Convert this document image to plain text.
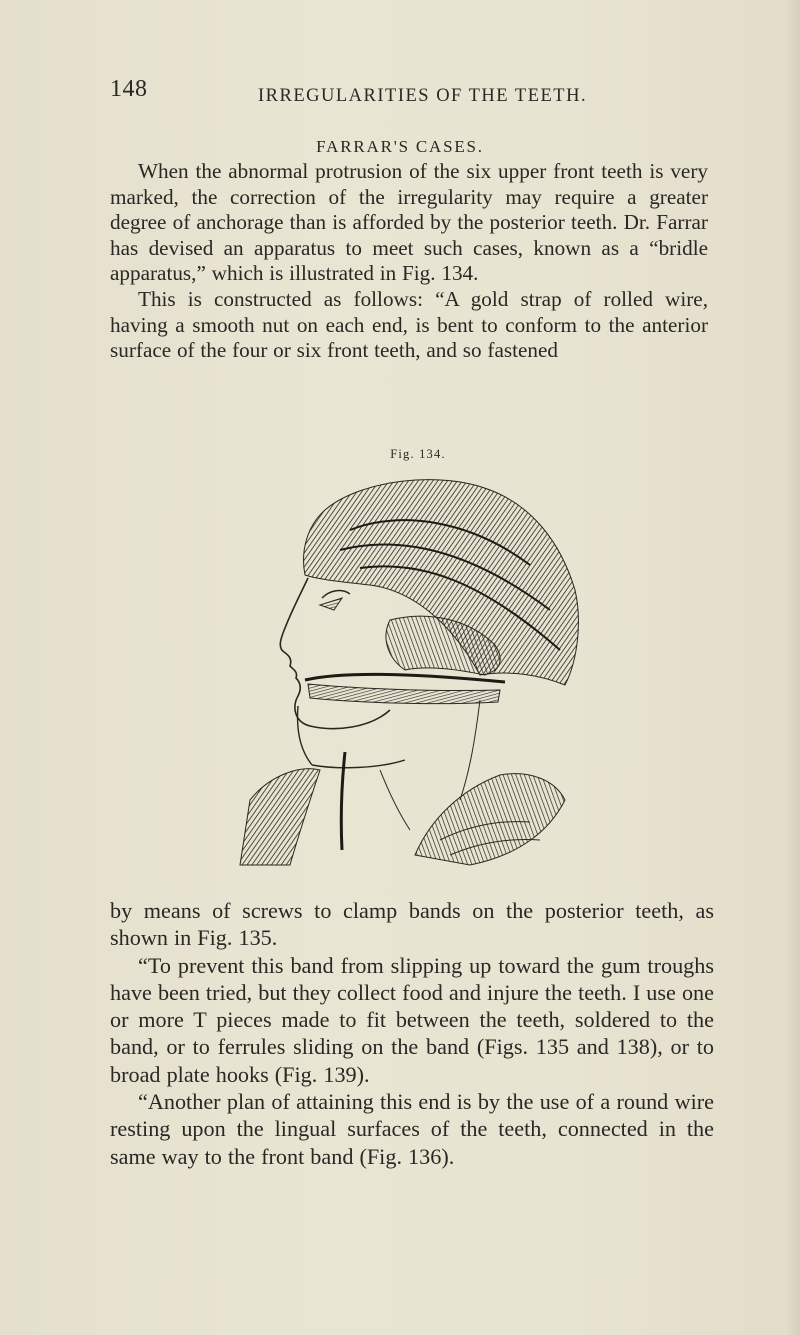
148	IRREGULARITIES OF THE TEETH.
FARRAR'S CASES.

When the abnormal protrusion of the six upper front teeth is very marked, the correction of the irregularity may require a greater degree of anchorage than is afforded by the posterior teeth. Dr. Farrar has devised an apparatus to meet such cases, known as a “bridle apparatus,” which is illustrated in Fig. 134.

This is constructed as follows: “A gold strap of rolled wire, having a smooth nut on each end, is bent to conform to the anterior surface of the four or six front teeth, and so fastened

Fig. 134.

by means of screws to clamp bands on the posterior teeth, as shown in Fig. 135.

“To prevent this band from slipping up toward the gum troughs have been tried, but they collect food and injure the teeth. I use one or more T pieces made to fit between the teeth, soldered to the band, or to ferrules sliding on the band (Figs. 135 and 138), or to broad plate hooks (Fig. 139).

“Another plan of attaining this end is by the use of a round wire resting upon the lingual surfaces of the teeth, connected in the same way to the front band (Fig. 136).
